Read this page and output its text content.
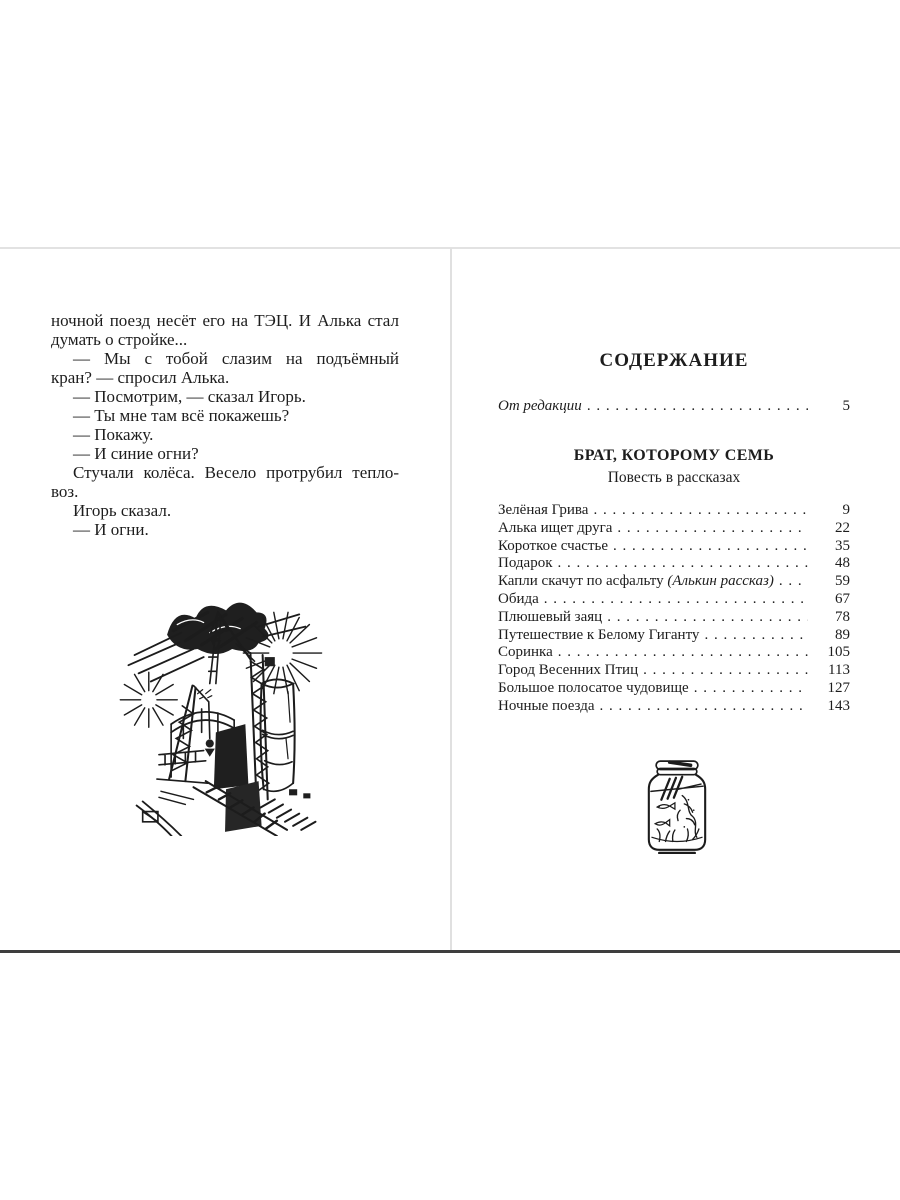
ночной поезд несёт его на ТЭЦ. И Алька стал
думать о стройке...
— Мы с тобой слазим на подъёмный
кран? — спросил Алька.
— Посмотрим, — сказал Игорь.
— Ты мне там всё покажешь?
— Покажу.
— И синие огни?
Стучали колёса. Весело протрубил тепло-
воз.
Игорь сказал.
— И огни.
СОДЕРЖАНИЕ
От редакции . . .	5
БРАТ, КОТОРОМУ СЕМЬ
Повесть в рассказах
Зелёная Грива . . .	9
Алька ищет друга . . .	22
Короткое счастье . . .	35
Подарок . . .	48
Капли скачут по асфальту (Алькин рассказ) . . .	59
Обида . . .	67
Плюшевый заяц . . .	78
Путешествие к Белому Гиганту . . .	89
Соринка . . .	105
Город Весенних Птиц . . .	113
Большое полосатое чудовище . . .	127
Ночные поезда . . .	143
